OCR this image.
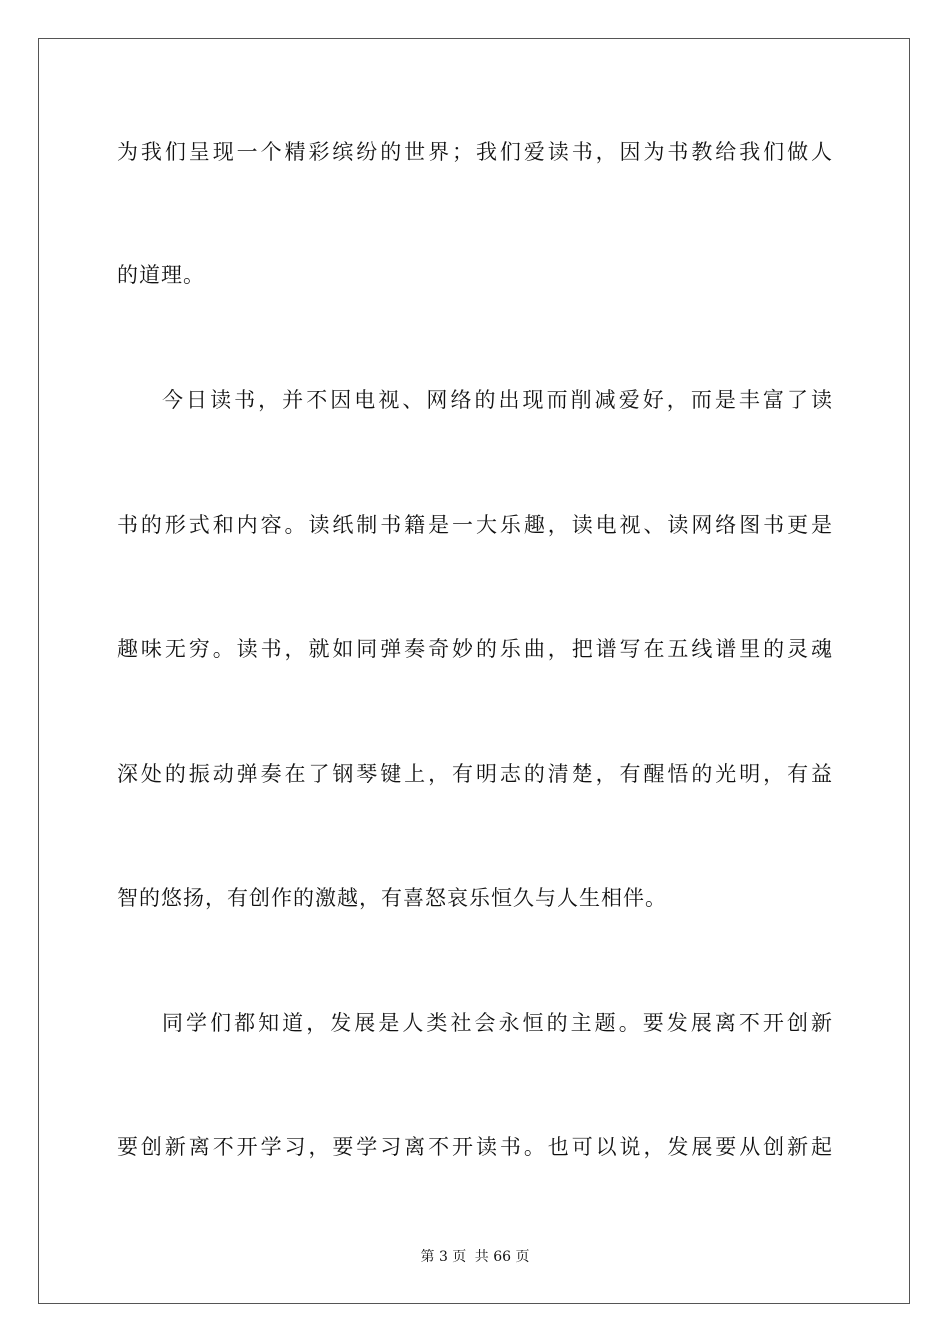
为我们呈现一个精彩缤纷的世界；我们爱读书，因为书教给我们做人
的道理。
今日读书，并不因电视、网络的出现而削减爱好，而是丰富了读
书的形式和内容。读纸制书籍是一大乐趣，读电视、读网络图书更是
趣味无穷。读书，就如同弹奏奇妙的乐曲，把谱写在五线谱里的灵魂
深处的振动弹奏在了钢琴键上，有明志的清楚，有醒悟的光明，有益
智的悠扬，有创作的激越，有喜怒哀乐恒久与人生相伴。
同学们都知道，发展是人类社会永恒的主题。要发展离不开创新
要创新离不开学习，要学习离不开读书。也可以说，发展要从创新起
第 3 页 共 66 页
